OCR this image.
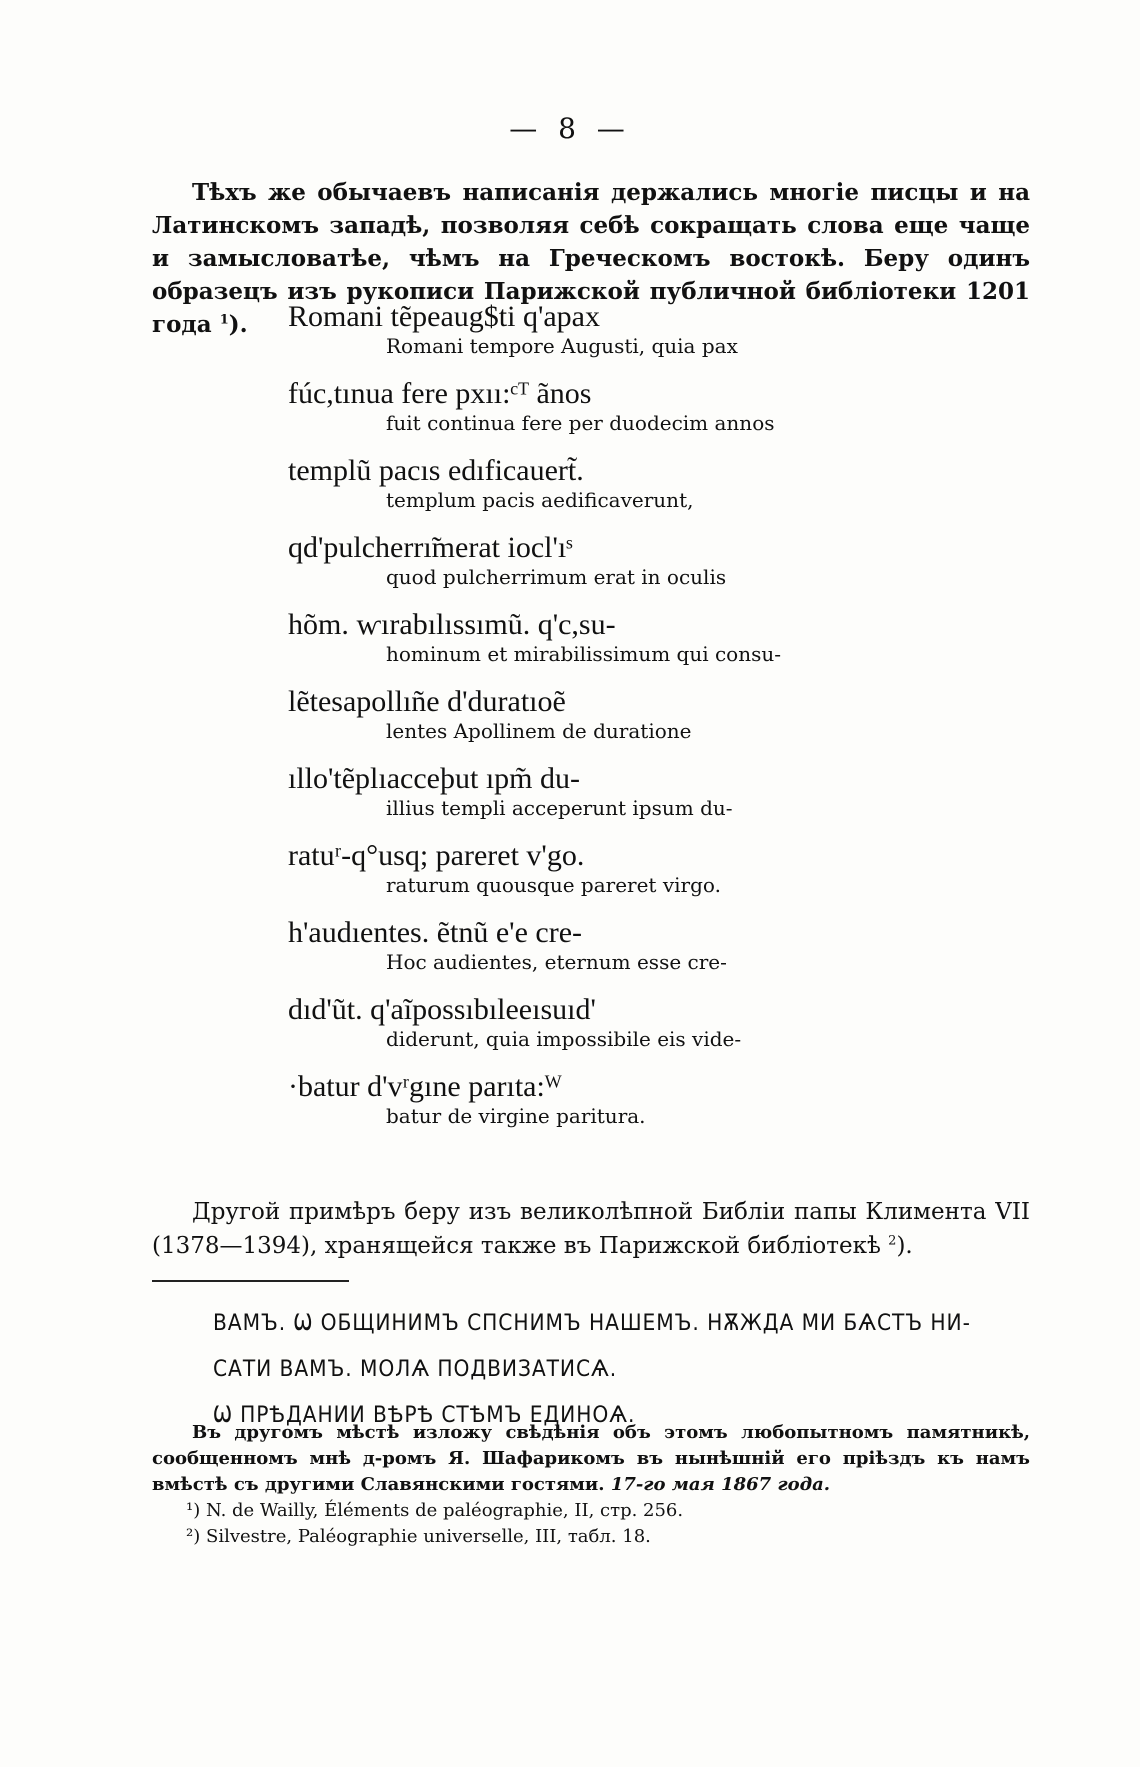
— 8 —

Тѣхъ же обычаевъ написанія держались многіе писцы и на Латинскомъ западѣ, позволяя себѣ сокращать слова еще чаще и замысловатѣе, чѣмъ на Греческомъ востокѣ. Беру одинъ образецъ изъ рукописи Парижской публичной библіотеки 1201 года $^1$).	Romani tẽpeaug$ti q'apax
Romani tempore Augusti, quia pax
fúc,tınua fere pxıı:ᶜᵀ ãnos
fuit continua fere per duodecim annos
templũ pacıs edıficauert̃.
templum pacis aedificaverunt,
qd'pulcherrı̃merat iocl'ıˢ
quod pulcherrimum erat in oculis
hõm. ⱳırabılıssımũ. q'c,su-
hominum et mirabilissimum qui consu-
lẽtesapollıñe d'duratıoẽ
lentes Apollinem de duratione
ıllo'tẽplıacceþut ıpm̃ du-
illius templi acceperunt ipsum du-
ratuʳ-q°usq; pareret v'go.
raturum quousque pareret virgo.
h'audıentes. ẽtnũ e'e cre-
Hoc audientes, eternum esse cre-
dıd'ũt. q'aĩpossıbıleeısuıd'
diderunt, quia impossibile eis vide-
·batur d'vʳgıne parıta:ᵂ
batur de virgine paritura.

Другой примѣръ беру изъ великолѣпной Библіи папы Климента VII (1378—1394), хранящейся также въ Парижской библіотекѣ $^2$).

ВАМЪ. Ѡ ОБЩИНИМЪ СПСНИМЪ НАШЕМЪ. НѪЖДА МИ БѦСТЪ НИ-
САТИ ВАМЪ. МОЛѦ ПОДВИЗАТИСѦ.
Ѡ ПРѢДАНИИ ВѢРѢ СТѢМЪ ЕДИНОѦ.

Въ другомъ мѣстѣ изложу свѣдѣнія объ этомъ любопытномъ памятникѣ, сообщенномъ мнѣ д-ромъ Я. Шафарикомъ въ нынѣшній его пріѣздъ къ намъ вмѣстѣ съ другими Славянскими гостями. 17-го мая 1867 года.

¹) N. de Wailly, Éléments de paléographie, II, стр. 256.

²) Silvestre, Paléographie universelle, III, табл. 18.
